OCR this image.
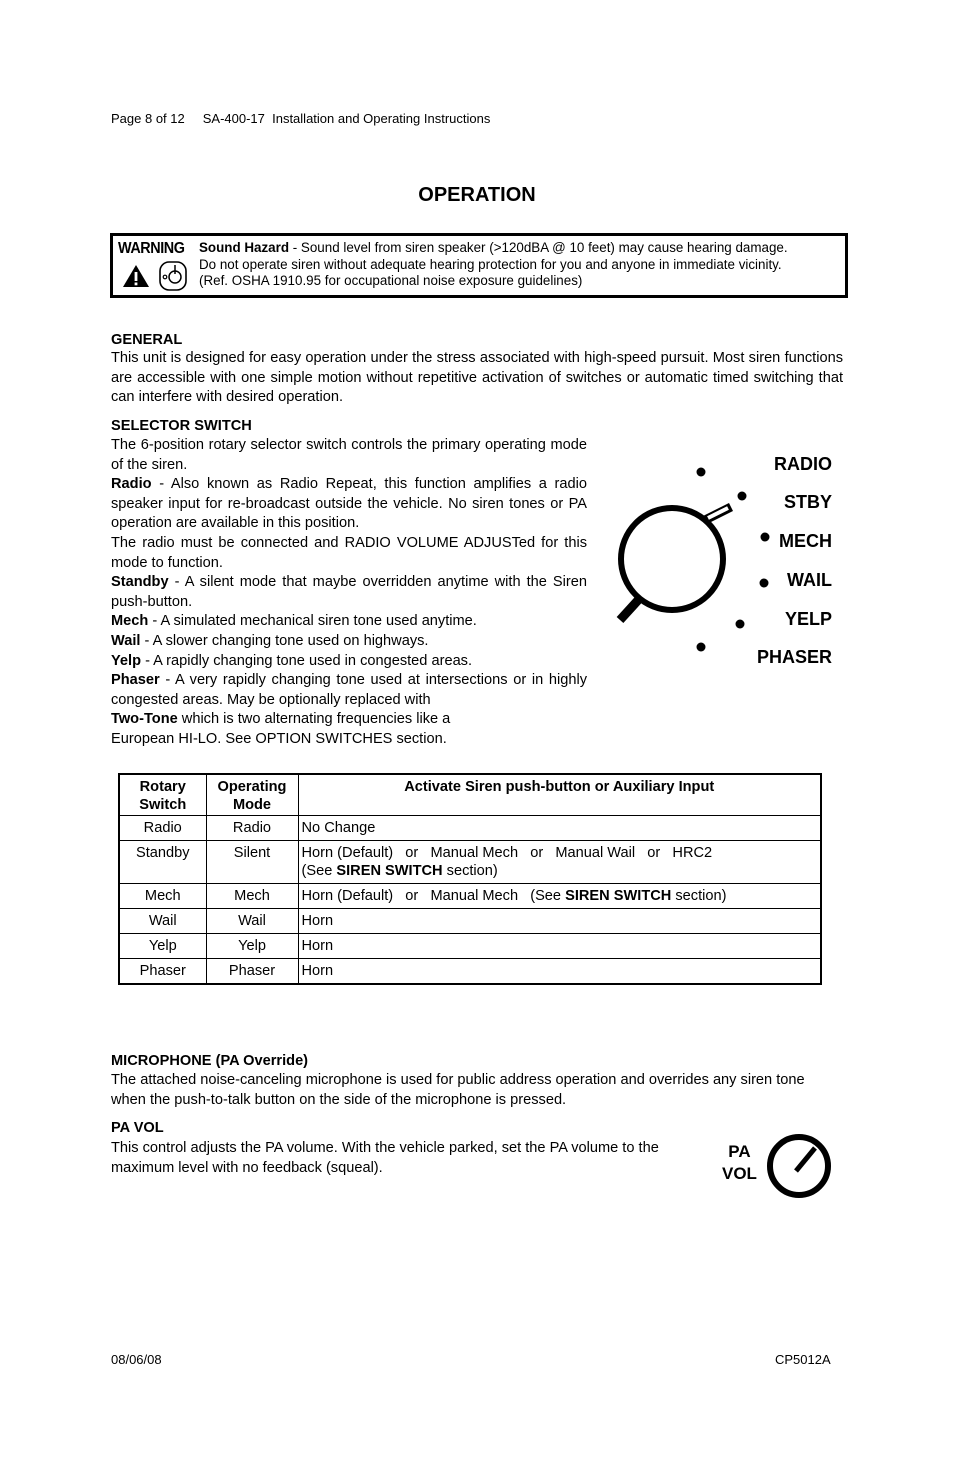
Page 8 of 12 SA-400-17  Installation and Operating Instructions
OPERATION
WARNING Sound Hazard - Sound level from siren speaker (>120dBA @ 10 feet) may cause hearing damage.
Do not operate siren without adequate hearing protection for you and anyone in immediate vicinity.
(Ref. OSHA 1910.95 for occupational noise exposure guidelines)
GENERAL
This unit is designed for easy operation under the stress associated with high-speed pursuit. Most siren functions are accessible with one simple motion without repetitive activation of switches or automatic timed switching that can interfere with desired operation.
SELECTOR SWITCH
The 6-position rotary selector switch controls the primary operating mode of the siren.
Radio - Also known as Radio Repeat, this function amplifies a radio speaker input for re-broadcast outside the vehicle. No siren tones or PA operation are available in this position.
The radio must be connected and RADIO VOLUME ADJUSTed for this mode to function.
Standby - A silent mode that maybe overridden anytime with the Siren push-button.
Mech - A simulated mechanical siren tone used anytime.
Wail - A slower changing tone used on highways.
Yelp - A rapidly changing tone used in congested areas.
Phaser - A very rapidly changing tone used at intersections or in highly congested areas. May be optionally replaced with
Two-Tone which is two alternating frequencies like a
European HI-LO. See OPTION SWITCHES section.
RADIO
STBY
MECH
WAIL
YELP
PHASER
Rotary Switch	Operating Mode	Activate Siren push-button or Auxiliary Input
Radio	Radio	No Change
Standby	Silent	Horn (Default)   or   Manual Mech   or   Manual Wail   or   HRC2
(See SIREN SWITCH section)

Mech	Mech	Horn (Default)   or   Manual Mech   (See SIREN SWITCH section)
Wail	Wail	Horn
Yelp	Yelp	Horn
Phaser	Phaser	Horn
MICROPHONE (PA Override)
The attached noise-canceling microphone is used for public address operation and overrides any siren tone when the push-to-talk button on the side of the microphone is pressed.
PA VOL
This control adjusts the PA volume. With the vehicle parked, set the PA volume to the maximum level with no feedback (squeal).
PA
VOL
08/06/08	CP5012A
